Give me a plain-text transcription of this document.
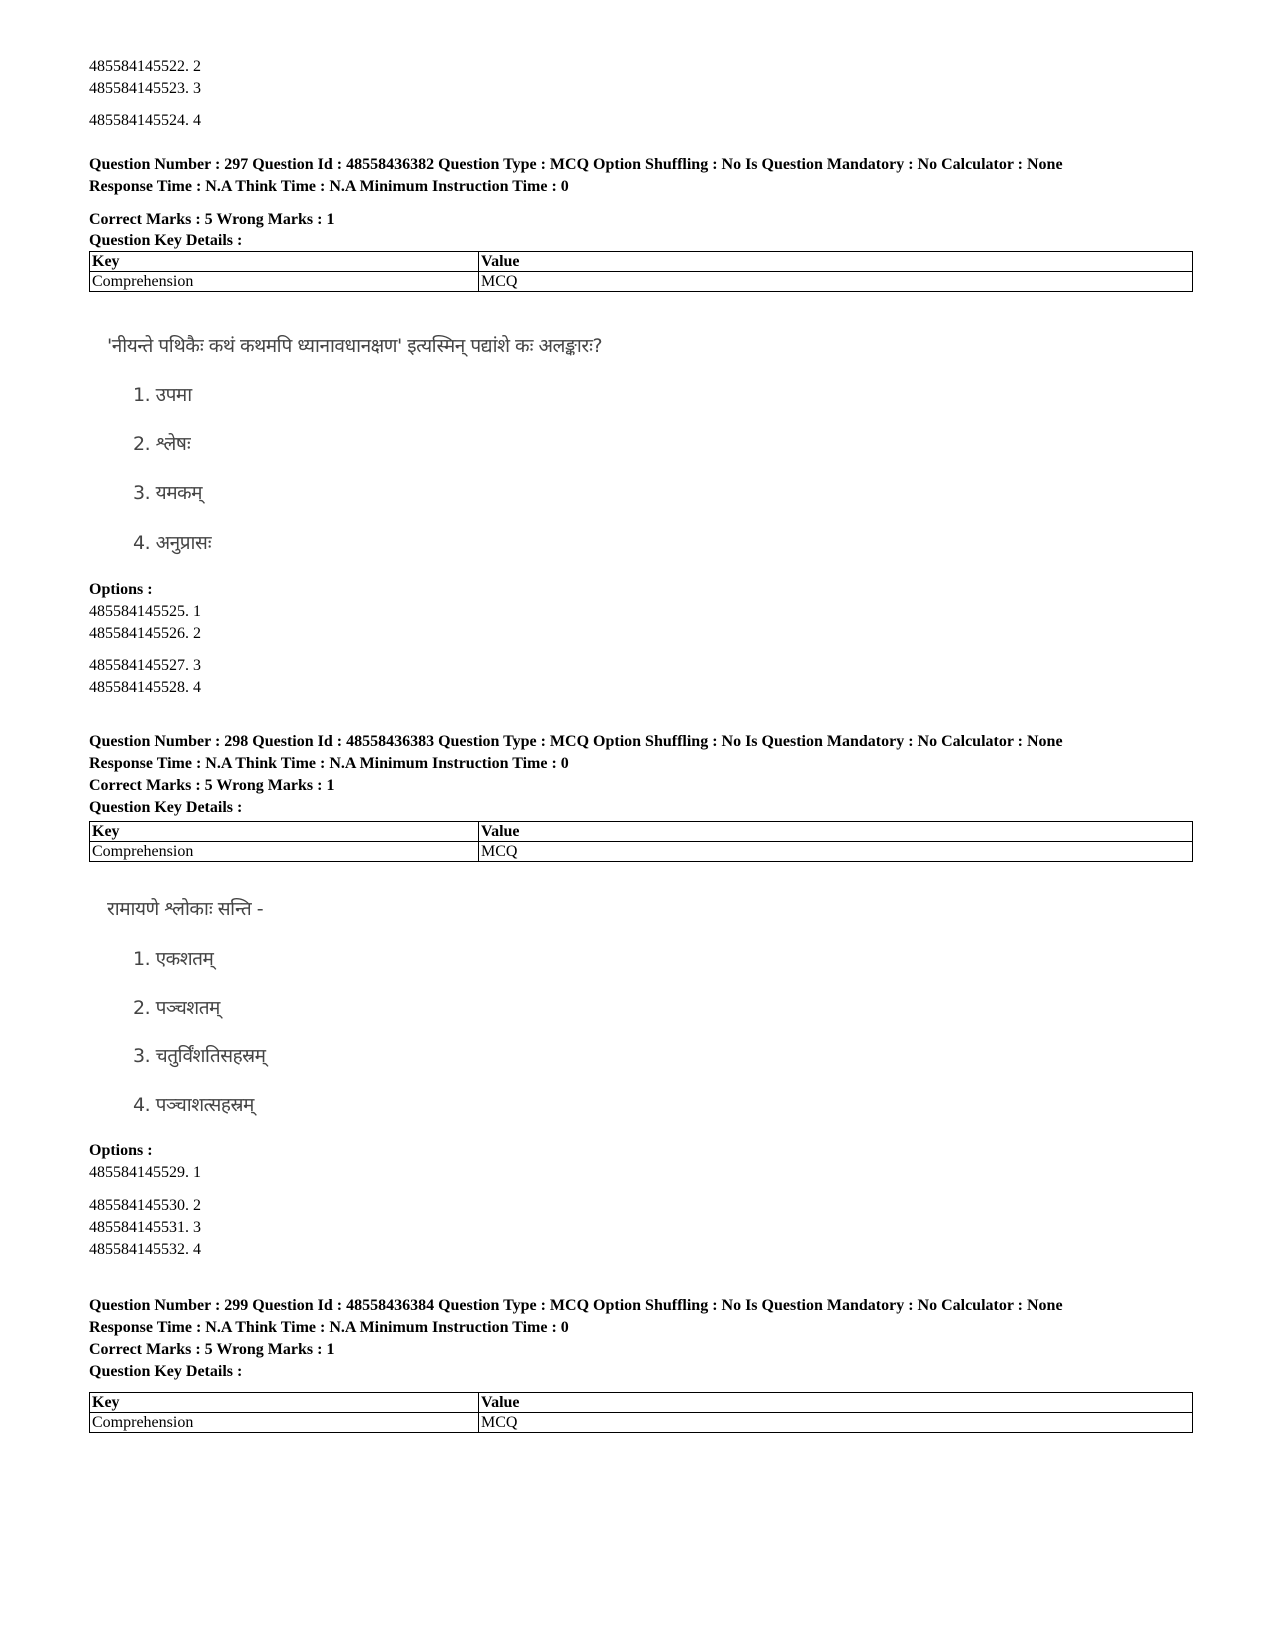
485584145522. 2
485584145523. 3
485584145524. 4
Question Number : 297 Question Id : 48558436382 Question Type : MCQ Option Shuffling : No Is Question Mandatory : No Calculator : None
Response Time : N.A Think Time : N.A Minimum Instruction Time : 0
Correct Marks : 5 Wrong Marks : 1
Question Key Details :
Key	Value
Comprehension	MCQ
'नीयन्ते पथिकैः कथं कथमपि ध्यानावधानक्षण' इत्यस्मिन् पद्यांशे कः अलङ्कारः?
1. उपमा
2. श्लेषः
3. यमकम्
4. अनुप्रासः
Options :
485584145525. 1
485584145526. 2
485584145527. 3
485584145528. 4
Question Number : 298 Question Id : 48558436383 Question Type : MCQ Option Shuffling : No Is Question Mandatory : No Calculator : None
Response Time : N.A Think Time : N.A Minimum Instruction Time : 0
Correct Marks : 5 Wrong Marks : 1
Question Key Details :
Key	Value
Comprehension	MCQ
रामायणे श्लोकाः सन्ति -
1. एकशतम्
2. पञ्चशतम्
3. चतुर्विंशतिसहस्रम्
4. पञ्चाशत्सहस्रम्
Options :
485584145529. 1
485584145530. 2
485584145531. 3
485584145532. 4
Question Number : 299 Question Id : 48558436384 Question Type : MCQ Option Shuffling : No Is Question Mandatory : No Calculator : None
Response Time : N.A Think Time : N.A Minimum Instruction Time : 0
Correct Marks : 5 Wrong Marks : 1
Question Key Details :
Key	Value
Comprehension	MCQ
